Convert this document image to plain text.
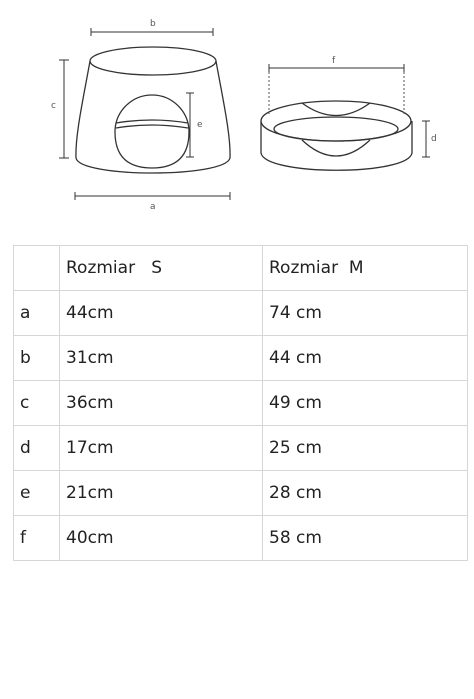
b
c
e
a
f
d
	Rozmiar   S	Rozmiar  M
a	44cm	74 cm
b	31cm	44 cm
c	36cm	49 cm
d	17cm	25 cm
e	21cm	28 cm
f	40cm	58 cm
